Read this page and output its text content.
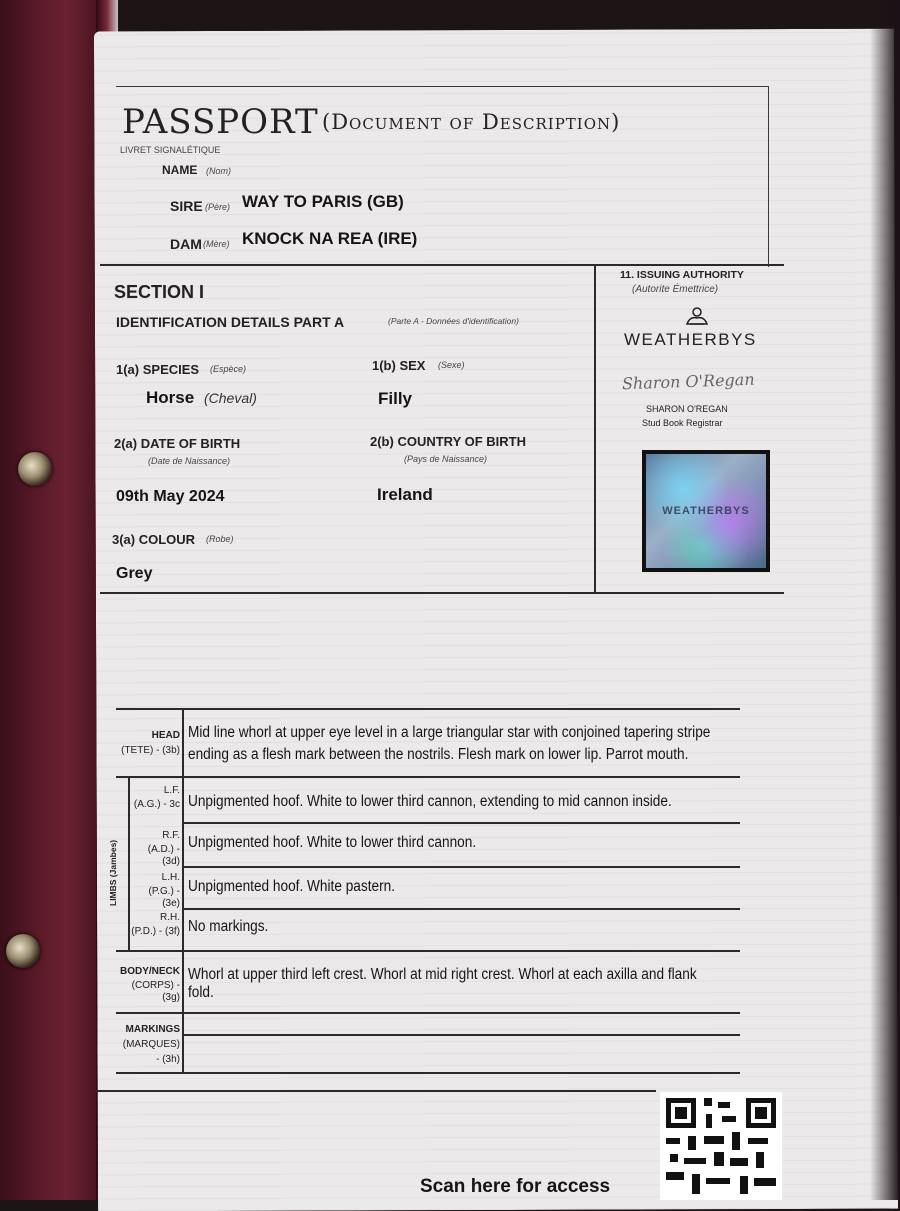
PASSPORT (Document of Description)
LIVRET SIGNALÉTIQUE
NAME (Nom)
SIRE (Père) WAY TO PARIS (GB)
DAM (Mère) KNOCK NA REA (IRE)
SECTION I
IDENTIFICATION DETAILS PART A	(Parte A - Données d'identification)
1(a) SPECIES (Espèce)
Horse (Cheval)
1(b) SEX (Sexe)
Filly
2(a) DATE OF BIRTH
(Date de Naissance)
09th May 2024
2(b) COUNTRY OF BIRTH
(Pays de Naissance)
Ireland
3(a) COLOUR (Robe)
Grey
11. ISSUING AUTHORITY
(Autorite Émettrice)
WEATHERBYS
Sharon O'Regan
SHARON O'REGAN
Stud Book Registrar
WEATHERBYS
HEAD
(TETE) - (3b)
Mid line whorl at upper eye level in a large triangular star with conjoined tapering stripe
ending as a flesh mark between the nostrils. Flesh mark on lower lip. Parrot mouth.
LIMBS (Jambes)
L.F.
(A.G.) - 3c Unpigmented hoof. White to lower third cannon, extending to mid cannon inside.
R.F.
(A.D.) - (3d)
Unpigmented hoof. White to lower third cannon.
L.H.
(P.G.) - (3e)
Unpigmented hoof. White pastern.
R.H.
(P.D.) - (3f) No markings.
BODY/NECK
(CORPS) - (3g)
Whorl at upper third left crest. Whorl at mid right crest. Whorl at each axilla and flank
fold.
MARKINGS
(MARQUES)
- (3h)
Scan here for access
